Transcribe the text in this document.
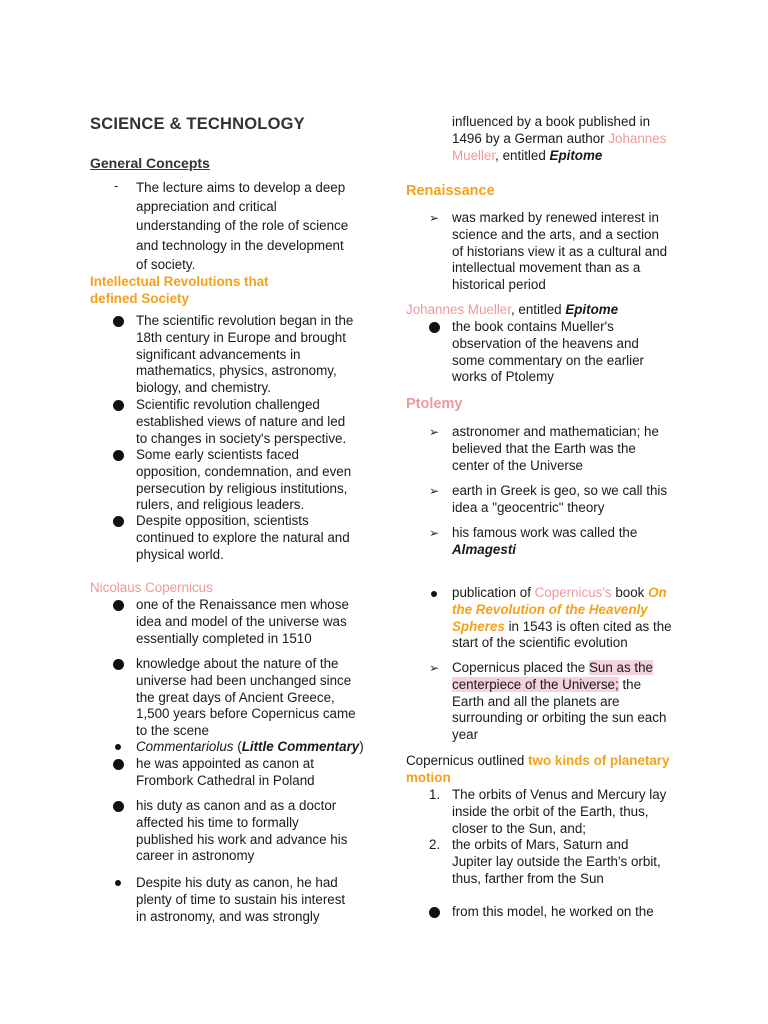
SCIENCE & TECHNOLOGY
General Concepts
- The lecture aims to develop a deep
appreciation and critical
understanding of the role of science
and technology in the development
of society.
Intellectual Revolutions that
defined Society
The scientific revolution began in the
18th century in Europe and brought
significant advancements in
mathematics, physics, astronomy,
biology, and chemistry.
Scientific revolution challenged
established views of nature and led
to changes in society's perspective.
Some early scientists faced
opposition, condemnation, and even
persecution by religious institutions,
rulers, and religious leaders.
Despite opposition, scientists
continued to explore the natural and
physical world.
Nicolaus Copernicus
one of the Renaissance men whose
idea and model of the universe was
essentially completed in 1510
knowledge about the nature of the
universe had been unchanged since
the great days of Ancient Greece,
1,500 years before Copernicus came
to the scene
Commentariolus (Little Commentary)
he was appointed as canon at
Frombork Cathedral in Poland
his duty as canon and as a doctor
affected his time to formally
published his work and advance his
career in astronomy
Despite his duty as canon, he had
plenty of time to sustain his interest
in astronomy, and was strongly
influenced by a book published in
1496 by a German author Johannes
Mueller, entitled Epitome
Renaissance
➢ was marked by renewed interest in
science and the arts, and a section
of historians view it as a cultural and
intellectual movement than as a
historical period
Johannes Mueller, entitled Epitome
the book contains Mueller's
observation of the heavens and
some commentary on the earlier
works of Ptolemy
Ptolemy
➢ astronomer and mathematician; he
believed that the Earth was the
center of the Universe
➢ earth in Greek is geo, so we call this
idea a "geocentric" theory
➢ his famous work was called the
Almagesti
publication of Copernicus's book On
the Revolution of the Heavenly
Spheres in 1543 is often cited as the
start of the scientific evolution
➢ Copernicus placed the Sun as the
centerpiece of the Universe; the
Earth and all the planets are
surrounding or orbiting the sun each
year
Copernicus outlined two kinds of planetary
motion
1. The orbits of Venus and Mercury lay
inside the orbit of the Earth, thus,
closer to the Sun, and;
2. the orbits of Mars, Saturn and
Jupiter lay outside the Earth's orbit,
thus, farther from the Sun
from this model, he worked on the
